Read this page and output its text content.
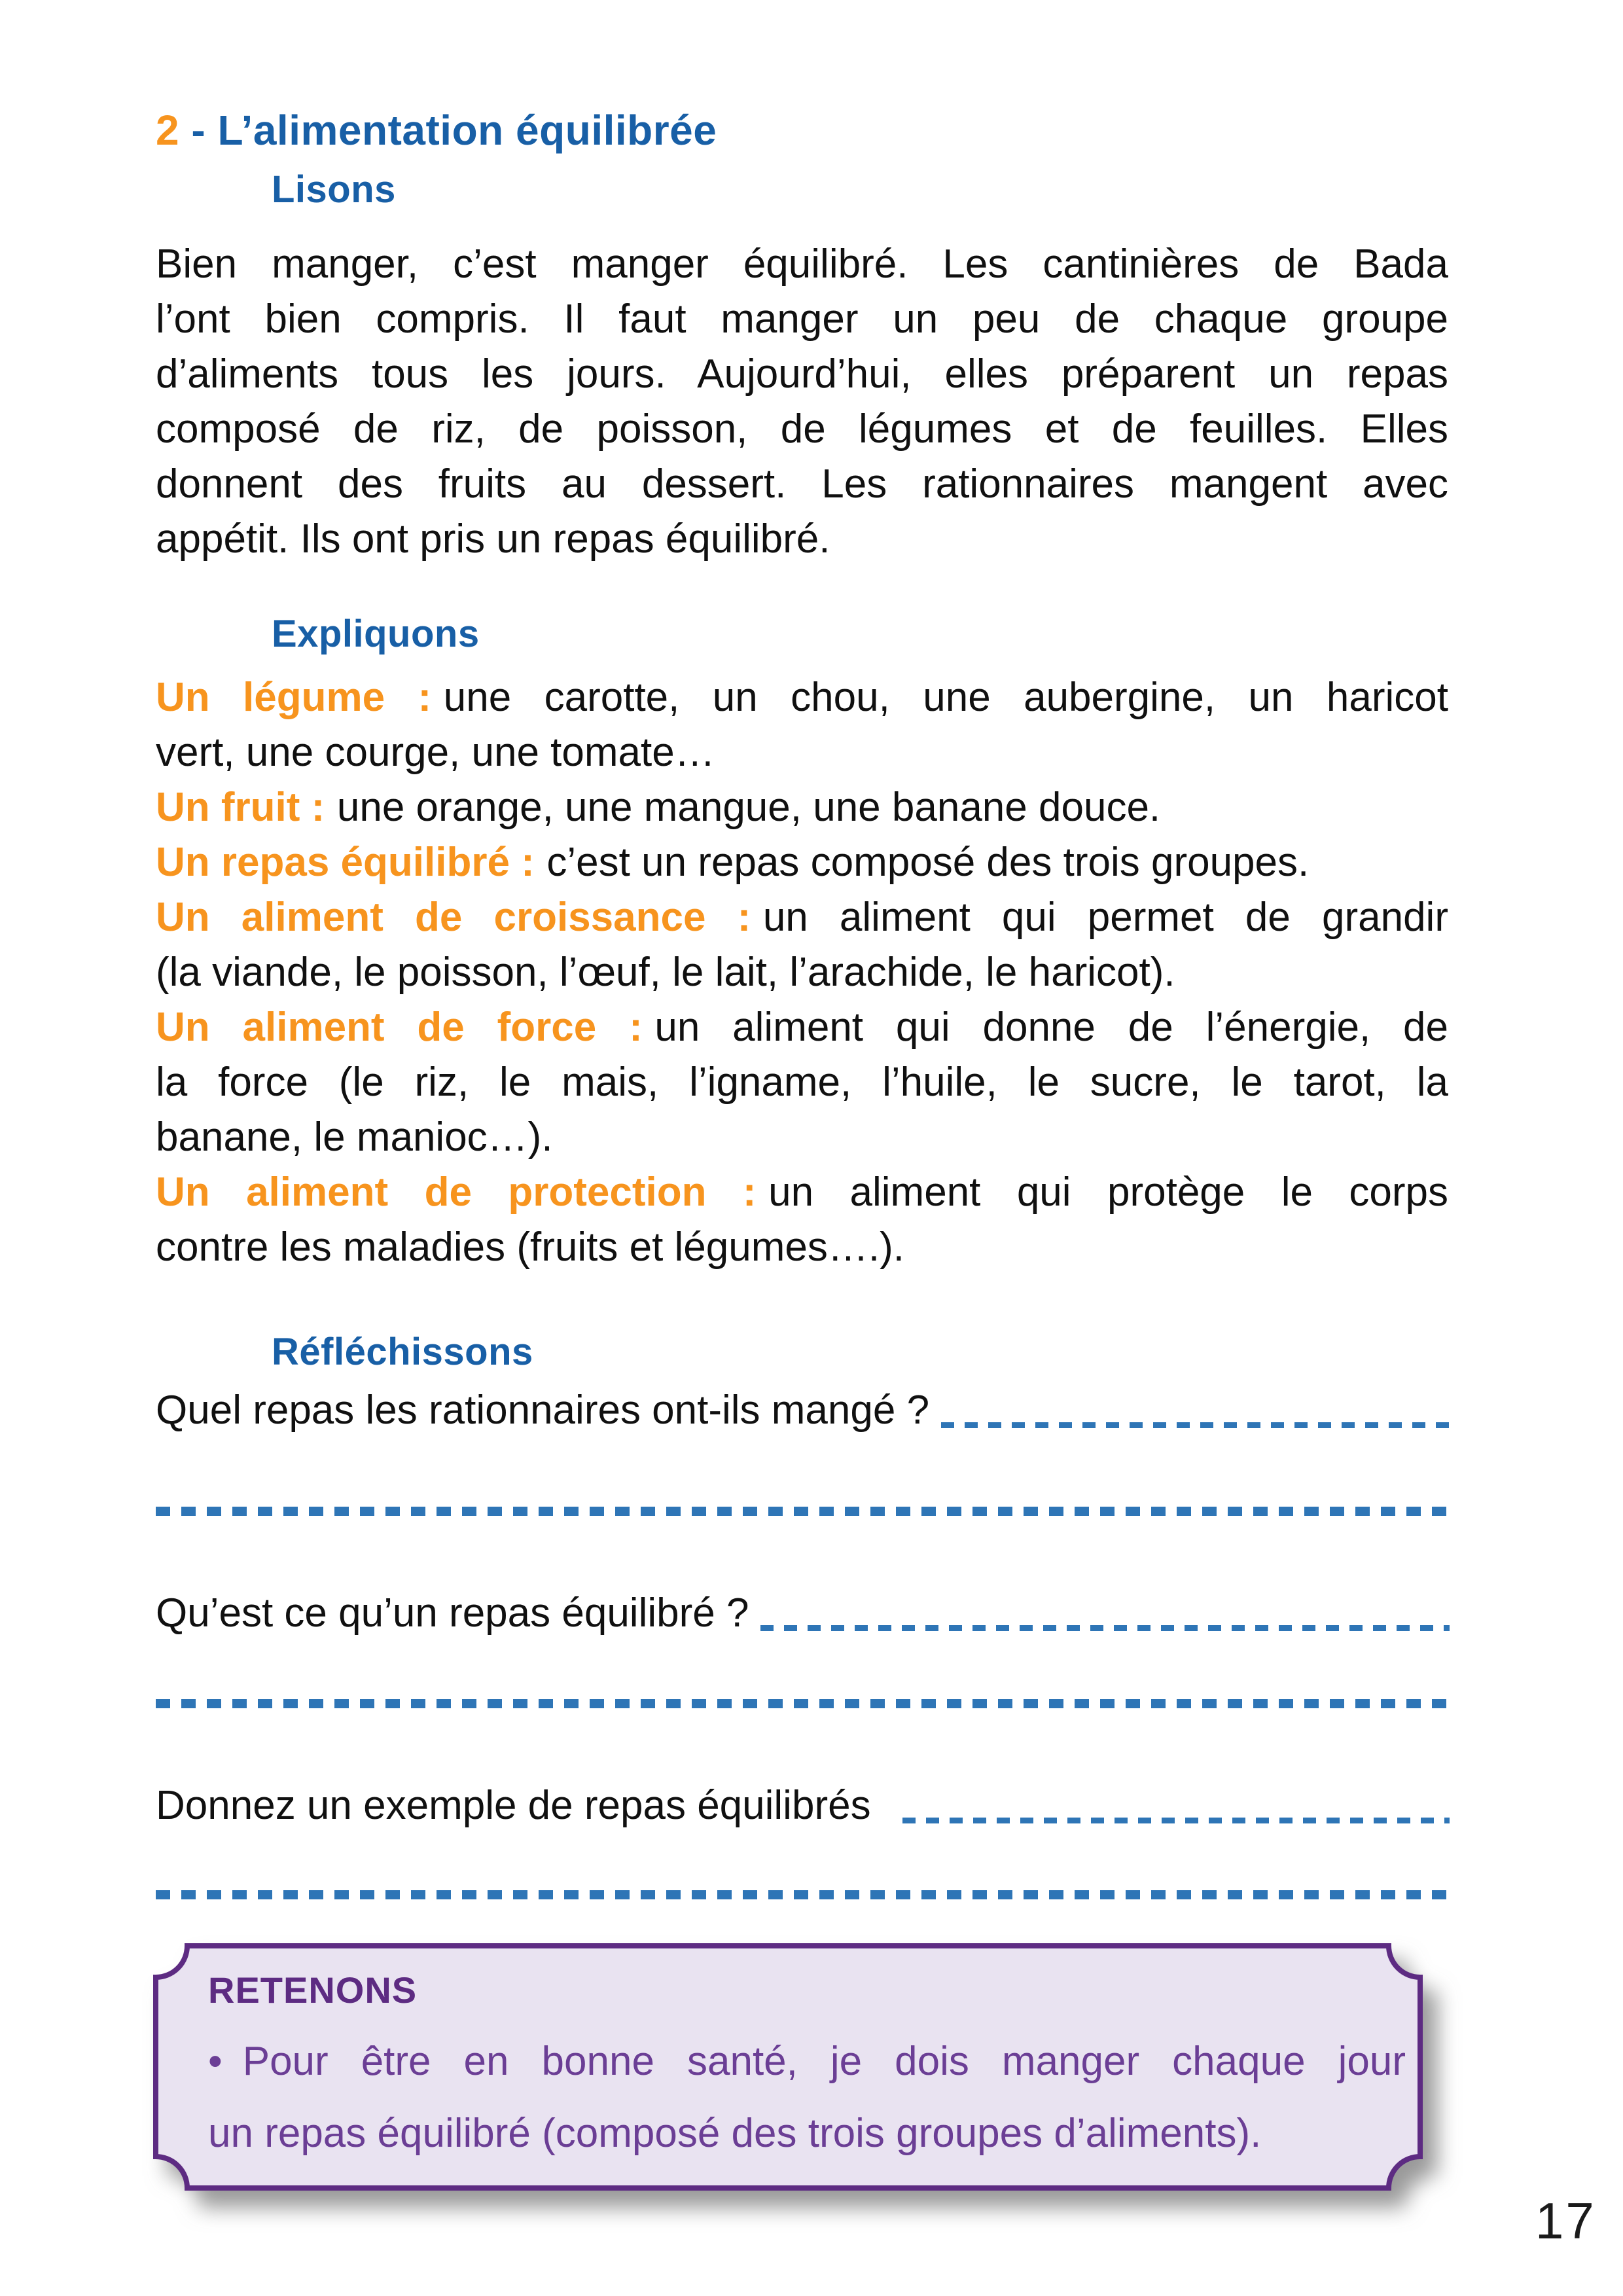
2 - L’alimentation équilibrée
Lisons
Bien manger, c’est manger équilibré. Les cantinières de Bada
l’ont bien compris. Il faut manger un peu de chaque groupe
d’aliments tous les jours. Aujourd’hui, elles préparent un repas
composé de riz, de poisson, de légumes et de feuilles. Elles
donnent des fruits au dessert. Les rationnaires mangent avec
appétit. Ils ont pris un repas équilibré.
Expliquons
Un légume : une carotte, un chou, une aubergine, un haricot
vert, une courge, une tomate…
Un fruit : une orange, une mangue, une banane douce.
Un repas équilibré : c’est un repas composé des trois groupes.
Un aliment de croissance : un aliment qui permet de grandir
(la viande, le poisson, l’œuf, le lait, l’arachide, le haricot).
Un aliment de force : un aliment qui donne de l’énergie, de
la force (le riz, le mais, l’igname, l’huile, le sucre, le tarot, la
banane, le manioc…).
Un aliment de protection : un aliment qui protège le corps
contre les maladies (fruits et légumes….).
Réfléchissons
Quel repas les rationnaires ont-ils mangé ?
Qu’est ce qu’un repas équilibré ?
Donnez un exemple de repas équilibrés
RETENONS
• Pour être en bonne santé, je dois manger chaque jour
un repas équilibré (composé des trois groupes d’aliments).
17
